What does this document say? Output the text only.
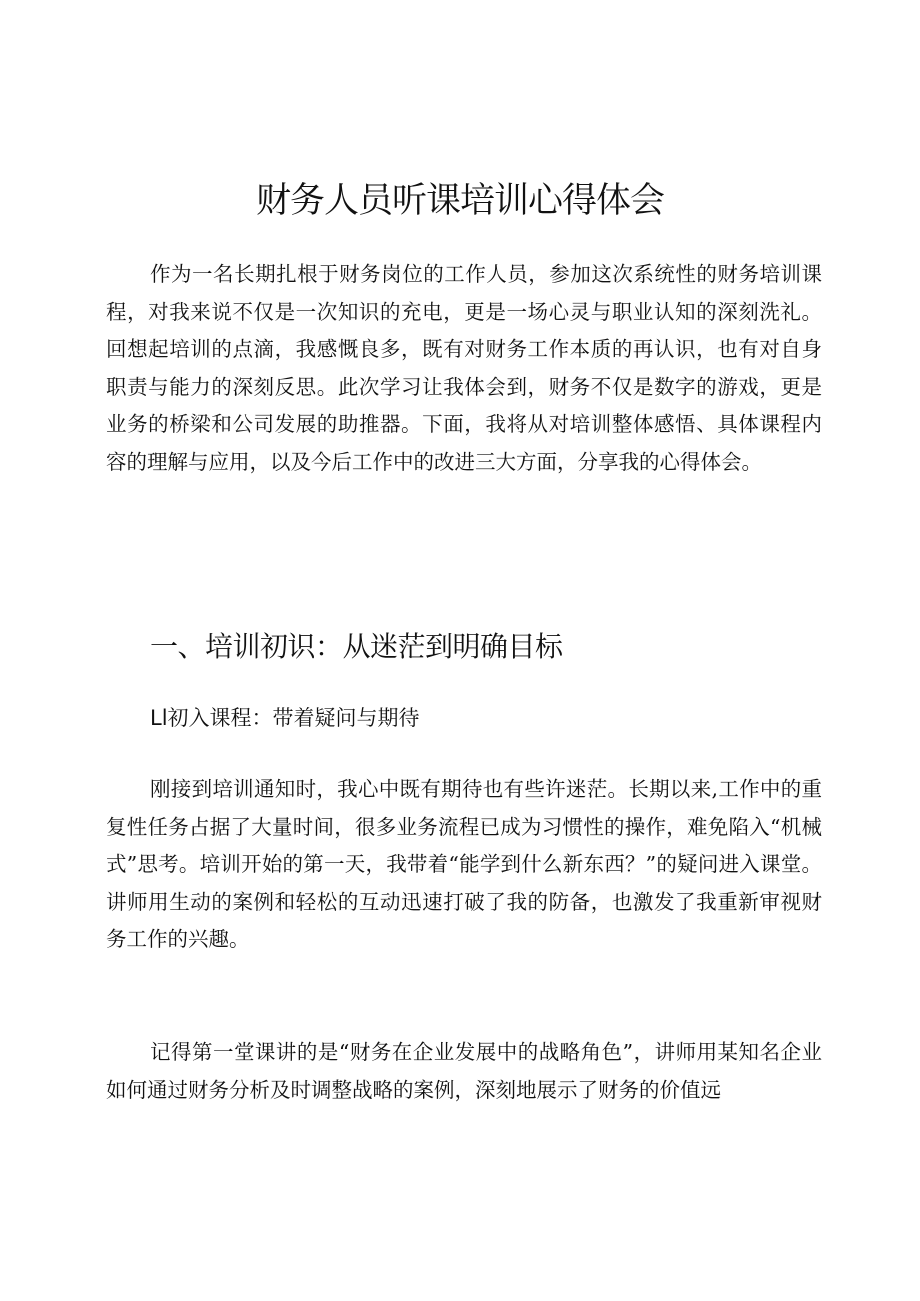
财务人员听课培训心得体会

作为一名长期扎根于财务岗位的工作人员，参加这次系统性的财务培训课程，对我来说不仅是一次知识的充电，更是一场心灵与职业认知的深刻洗礼。回想起培训的点滴，我感慨良多，既有对财务工作本质的再认识，也有对自身职责与能力的深刻反思。此次学习让我体会到，财务不仅是数字的游戏，更是业务的桥梁和公司发展的助推器。下面，我将从对培训整体感悟、具体课程内容的理解与应用，以及今后工作中的改进三大方面，分享我的心得体会。

一、培训初识：从迷茫到明确目标
Ll初入课程：带着疑问与期待

刚接到培训通知时，我心中既有期待也有些许迷茫。长期以来,工作中的重复性任务占据了大量时间，很多业务流程已成为习惯性的操作，难免陷入“机械式”思考。培训开始的第一天，我带着“能学到什么新东西？”的疑问进入课堂。讲师用生动的案例和轻松的互动迅速打破了我的防备，也激发了我重新审视财务工作的兴趣。

记得第一堂课讲的是“财务在企业发展中的战略角色”，讲师用某知名企业如何通过财务分析及时调整战略的案例，深刻地展示了财务的价值远
